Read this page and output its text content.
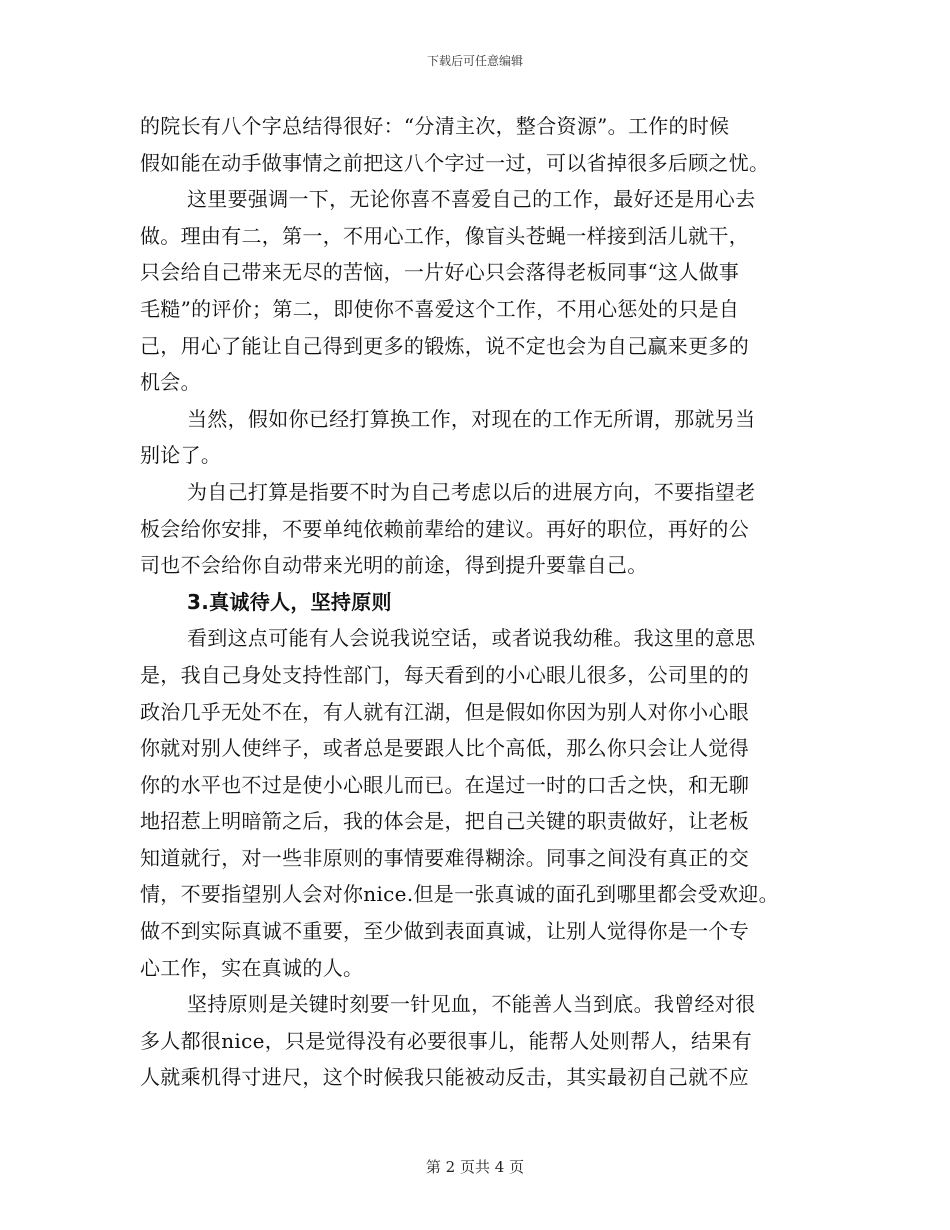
下载后可任意编辑
的院长有八个字总结得很好：“分清主次，整合资源”。工作的时候
假如能在动手做事情之前把这八个字过一过，可以省掉很多后顾之忧。
这里要强调一下，无论你喜不喜爱自己的工作，最好还是用心去
做。理由有二，第一，不用心工作，像盲头苍蝇一样接到活儿就干，
只会给自己带来无尽的苦恼，一片好心只会落得老板同事“这人做事
毛糙”的评价；第二，即使你不喜爱这个工作，不用心惩处的只是自
己，用心了能让自己得到更多的锻炼，说不定也会为自己赢来更多的
机会。
当然，假如你已经打算换工作，对现在的工作无所谓，那就另当
别论了。
为自己打算是指要不时为自己考虑以后的进展方向，不要指望老
板会给你安排，不要单纯依赖前辈给的建议。再好的职位，再好的公
司也不会给你自动带来光明的前途，得到提升要靠自己。
3.真诚待人，坚持原则
看到这点可能有人会说我说空话，或者说我幼稚。我这里的意思
是，我自己身处支持性部门，每天看到的小心眼儿很多，公司里的的
政治几乎无处不在，有人就有江湖，但是假如你因为别人对你小心眼
你就对别人使绊子，或者总是要跟人比个高低，那么你只会让人觉得
你的水平也不过是使小心眼儿而已。在逞过一时的口舌之快，和无聊
地招惹上明暗箭之后，我的体会是，把自己关键的职责做好，让老板
知道就行，对一些非原则的事情要难得糊涂。同事之间没有真正的交
情，不要指望别人会对你nice.但是一张真诚的面孔到哪里都会受欢迎。
做不到实际真诚不重要，至少做到表面真诚，让别人觉得你是一个专
心工作，实在真诚的人。
坚持原则是关键时刻要一针见血，不能善人当到底。我曾经对很
多人都很nice，只是觉得没有必要很事儿，能帮人处则帮人，结果有
人就乘机得寸进尺，这个时候我只能被动反击，其实最初自己就不应
第 2 页共 4 页
